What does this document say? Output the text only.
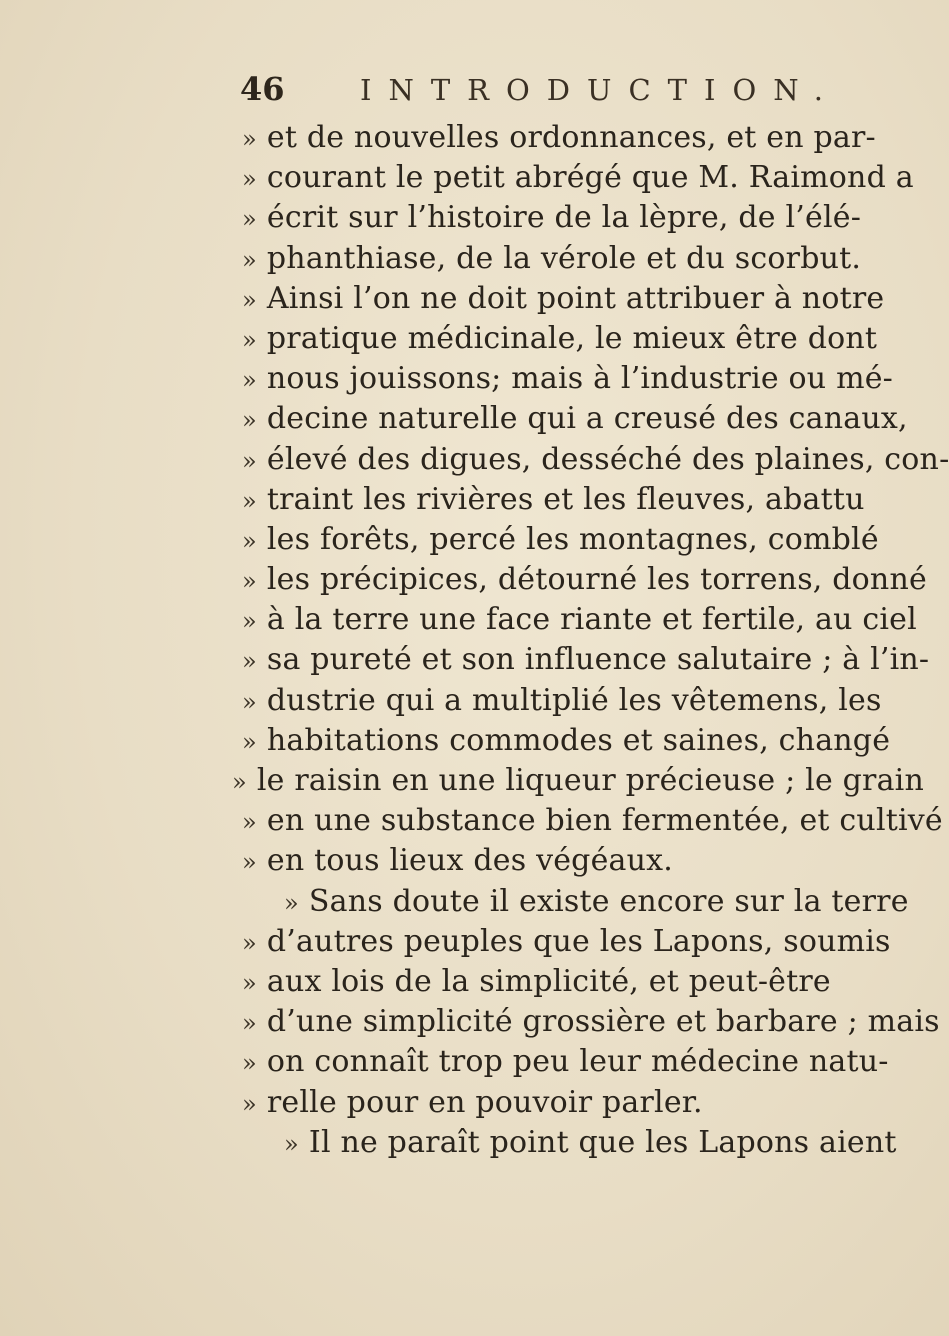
46	INTRODUCTION.
» et de nouvelles ordonnances, et en par-
» courant le petit abrégé que M. Raimond a
» écrit sur l’histoire de la lèpre, de l’élé-
» phanthiase, de la vérole et du scorbut.
» Ainsi l’on ne doit point attribuer à notre
» pratique médicinale, le mieux être dont
» nous jouissons; mais à l’industrie ou mé-
» decine naturelle qui a creusé des canaux,
» élevé des digues, desséché des plaines, con-
» traint les rivières et les fleuves, abattu
» les forêts, percé les montagnes, comblé
» les précipices, détourné les torrens, donné
» à la terre une face riante et fertile, au ciel
» sa pureté et son influence salutaire ; à l’in-
» dustrie qui a multiplié les vêtemens, les
» habitations commodes et saines, changé
» le raisin en une liqueur précieuse ; le grain
» en une substance bien fermentée, et cultivé
» en tous lieux des végéaux.
» Sans doute il existe encore sur la terre
» d’autres peuples que les Lapons, soumis
» aux lois de la simplicité, et peut-être
» d’une simplicité grossière et barbare ; mais
» on connaît trop peu leur médecine natu-
» relle pour en pouvoir parler.
» Il ne paraît point que les Lapons aient
